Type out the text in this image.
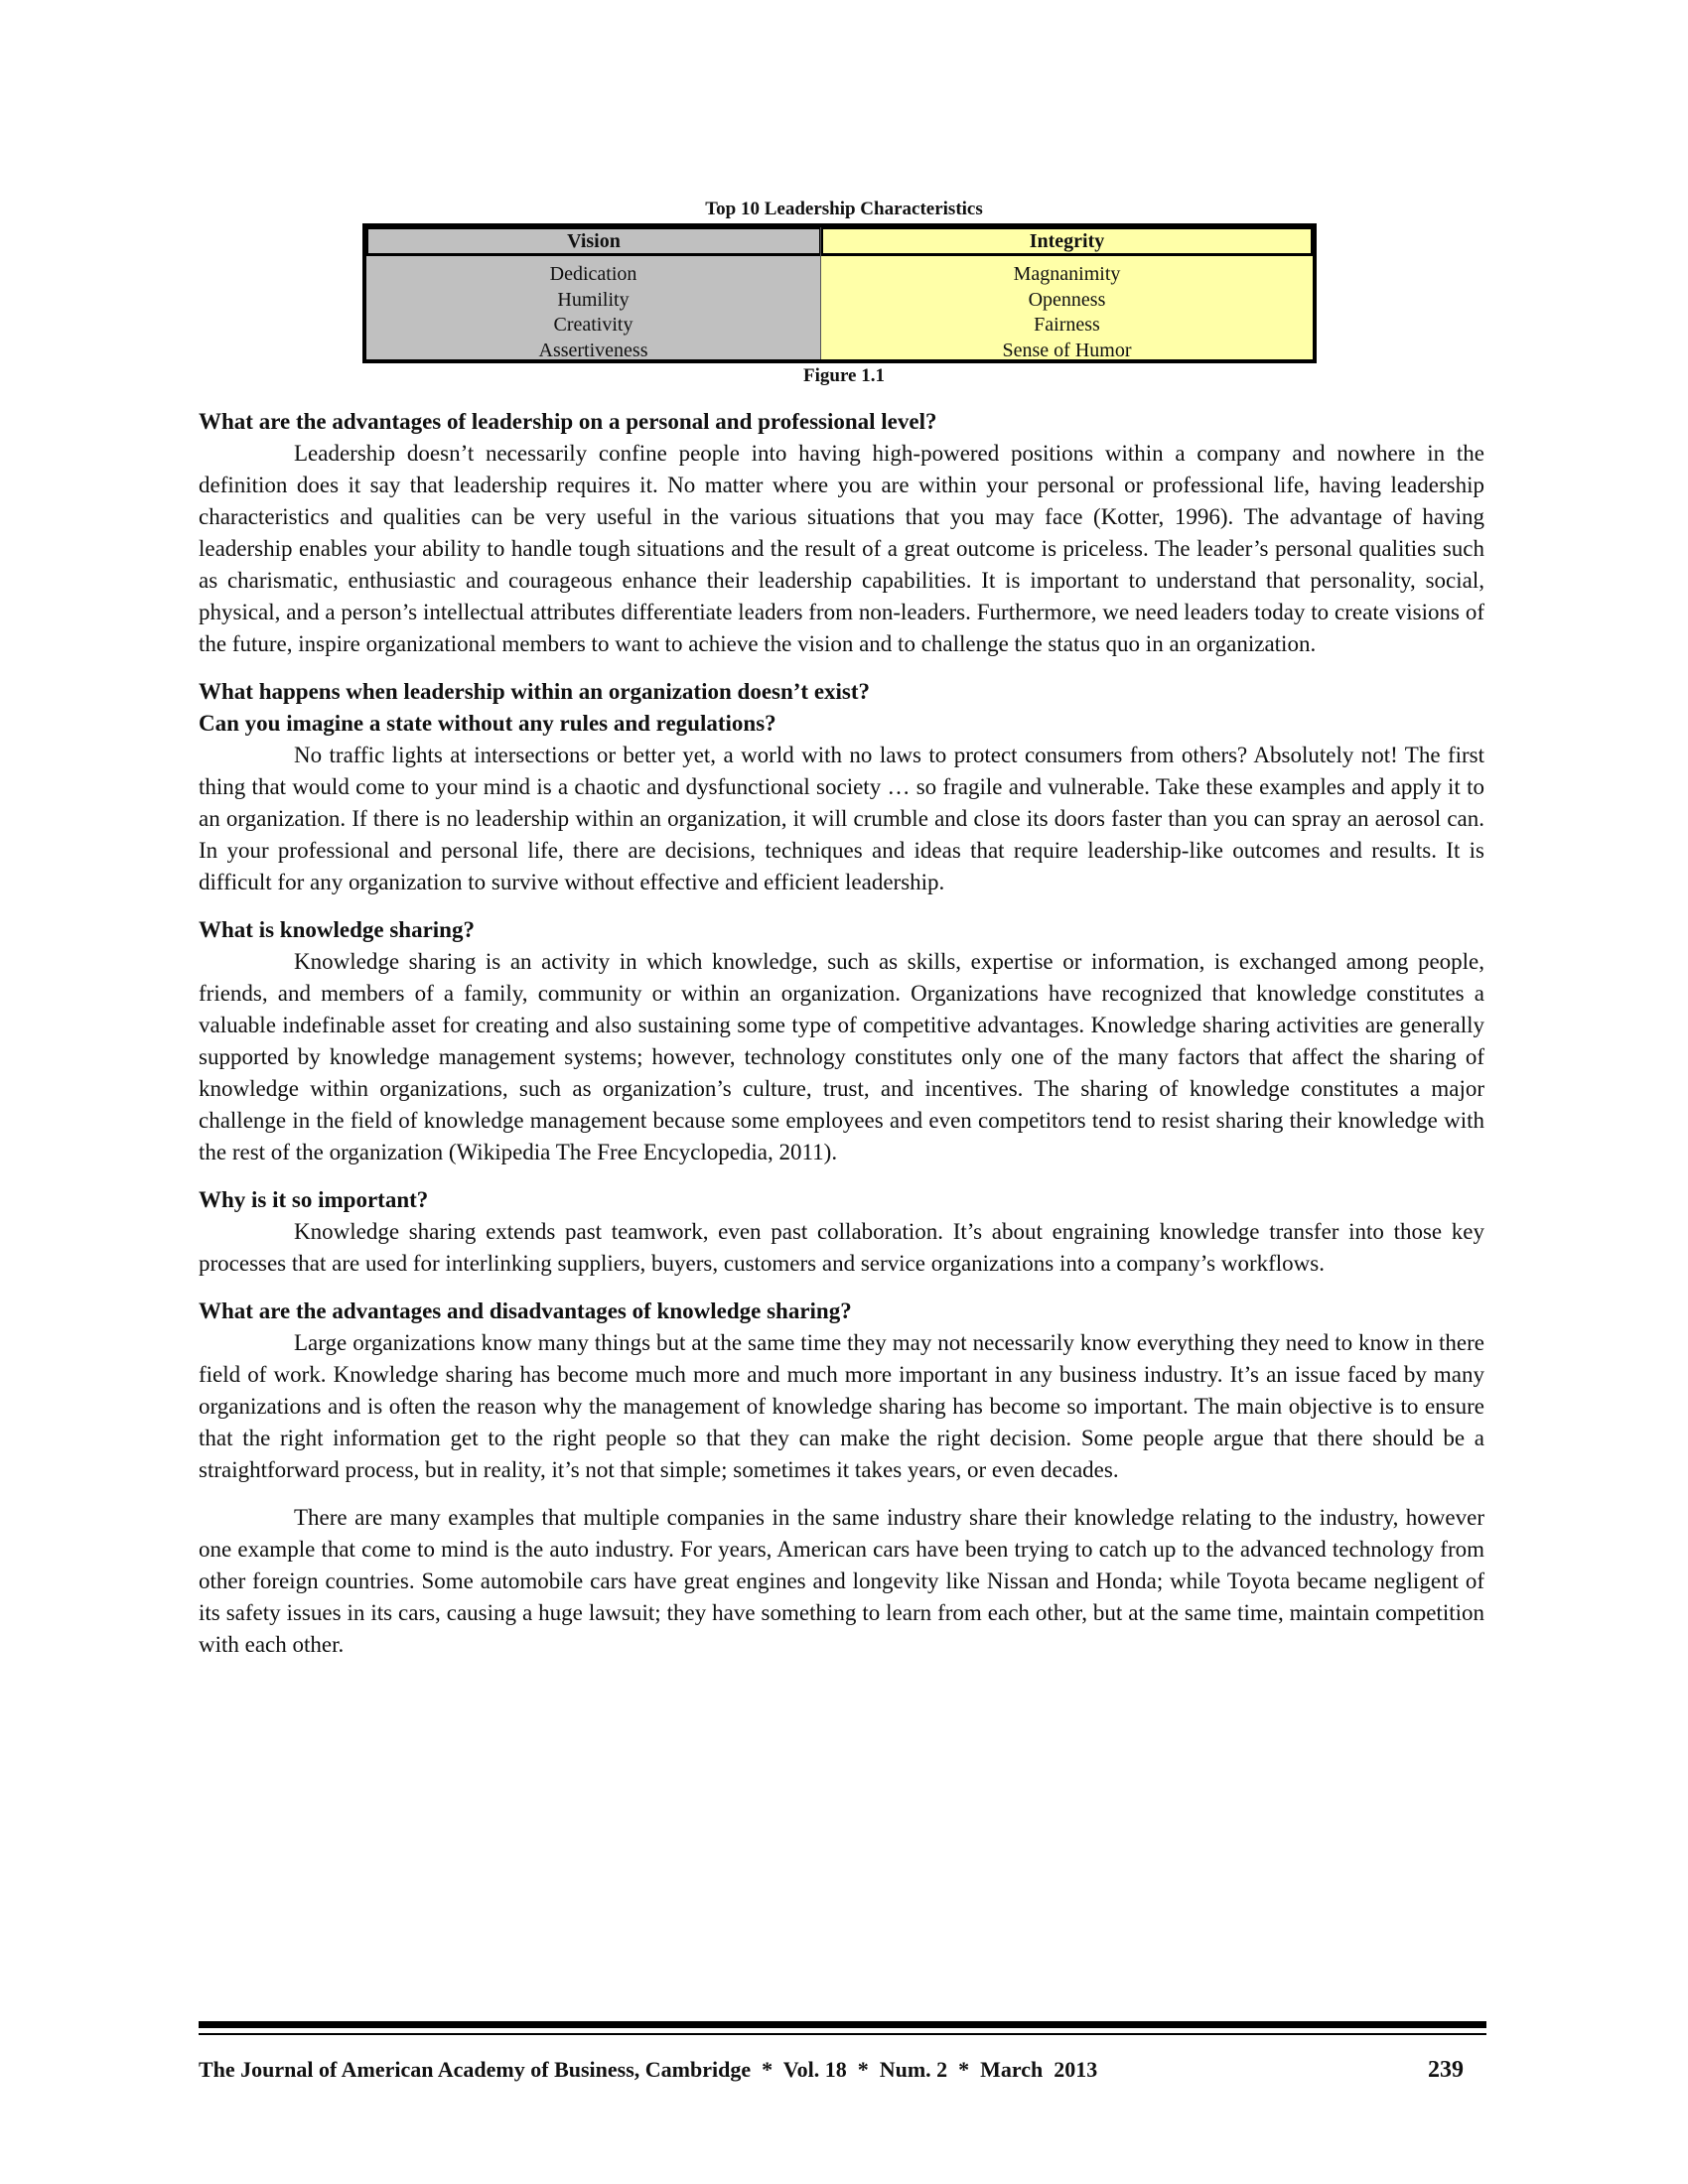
Top 10 Leadership Characteristics
Vision
Dedication
Humility
Creativity
Assertiveness
Integrity
Magnanimity
Openness
Fairness
Sense of Humor
Figure 1.1
What are the advantages of leadership on a personal and professional level?

Leadership doesn’t necessarily confine people into having high-powered positions within a company and nowhere in the definition does it say that leadership requires it. No matter where you are within your personal or professional life, having leadership characteristics and qualities can be very useful in the various situations that you may face (Kotter, 1996). The advantage of having leadership enables your ability to handle tough situations and the result of a great outcome is priceless. The leader’s personal qualities such as charismatic, enthusiastic and courageous enhance their leadership capabilities. It is important to understand that personality, social, physical, and a person’s intellectual attributes differentiate leaders from non-leaders. Furthermore, we need leaders today to create visions of the future, inspire organizational members to want to achieve the vision and to challenge the status quo in an organization.

What happens when leadership within an organization doesn’t exist?
Can you imagine a state without any rules and regulations?

No traffic lights at intersections or better yet, a world with no laws to protect consumers from others? Absolutely not! The first thing that would come to your mind is a chaotic and dysfunctional society … so fragile and vulnerable. Take these examples and apply it to an organization. If there is no leadership within an organization, it will crumble and close its doors faster than you can spray an aerosol can. In your professional and personal life, there are decisions, techniques and ideas that require leadership-like outcomes and results. It is difficult for any organization to survive without effective and efficient leadership.

What is knowledge sharing?

Knowledge sharing is an activity in which knowledge, such as skills, expertise or information, is exchanged among people, friends, and members of a family, community or within an organization. Organizations have recognized that knowledge constitutes a valuable indefinable asset for creating and also sustaining some type of competitive advantages. Knowledge sharing activities are generally supported by knowledge management systems; however, technology constitutes only one of the many factors that affect the sharing of knowledge within organizations, such as organization’s culture, trust, and incentives. The sharing of knowledge constitutes a major challenge in the field of knowledge management because some employees and even competitors tend to resist sharing their knowledge with the rest of the organization (Wikipedia The Free Encyclopedia, 2011).

Why is it so important?

Knowledge sharing extends past teamwork, even past collaboration. It’s about engraining knowledge transfer into those key processes that are used for interlinking suppliers, buyers, customers and service organizations into a company’s workflows.

What are the advantages and disadvantages of knowledge sharing?

Large organizations know many things but at the same time they may not necessarily know everything they need to know in there field of work. Knowledge sharing has become much more and much more important in any business industry. It’s an issue faced by many organizations and is often the reason why the management of knowledge sharing has become so important. The main objective is to ensure that the right information get to the right people so that they can make the right decision. Some people argue that there should be a straightforward process, but in reality, it’s not that simple; sometimes it takes years, or even decades.

There are many examples that multiple companies in the same industry share their knowledge relating to the industry, however one example that come to mind is the auto industry. For years, American cars have been trying to catch up to the advanced technology from other foreign countries. Some automobile cars have great engines and longevity like Nissan and Honda; while Toyota became negligent of its safety issues in its cars, causing a huge lawsuit; they have something to learn from each other, but at the same time, maintain competition with each other.

The Journal of American Academy of Business, Cambridge  *  Vol. 18  *  Num. 2  *  March  2013	239
